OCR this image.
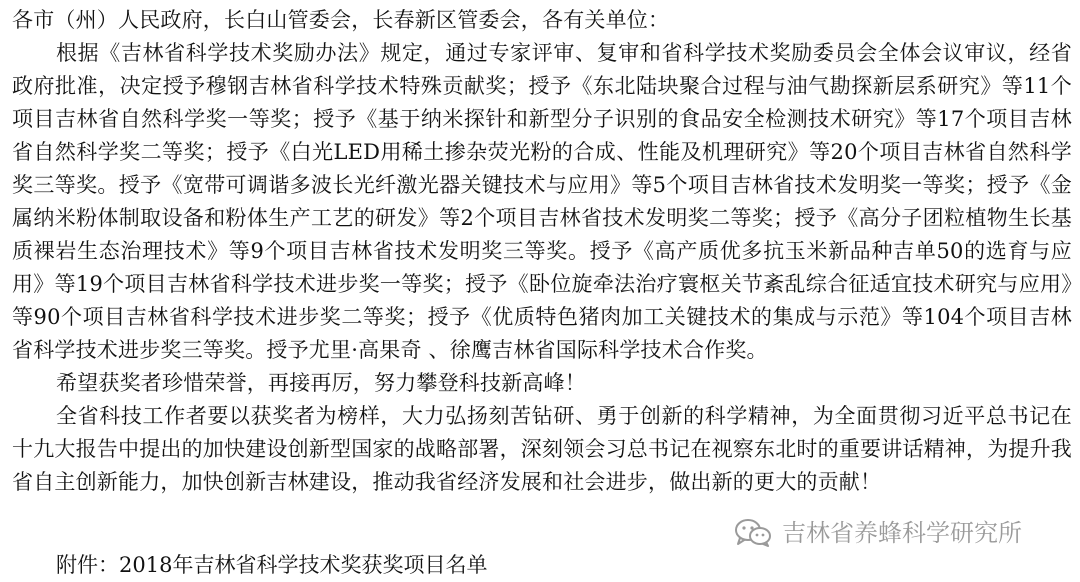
各市（州）人民政府，长白山管委会，长春新区管委会，各有关单位：

根据《吉林省科学技术奖励办法》规定，通过专家评审、复审和省科学技术奖励委员会全体会议审议，经省政府批准，决定授予穆钢吉林省科学技术特殊贡献奖；授予《东北陆块聚合过程与油气勘探新层系研究》等11个项目吉林省自然科学奖一等奖；授予《基于纳米探针和新型分子识别的食品安全检测技术研究》等17个项目吉林省自然科学奖二等奖；授予《白光LED用稀土掺杂荧光粉的合成、性能及机理研究》等20个项目吉林省自然科学奖三等奖。授予《宽带可调谐多波长光纤激光器关键技术与应用》等5个项目吉林省技术发明奖一等奖；授予《金属纳米粉体制取设备和粉体生产工艺的研发》等2个项目吉林省技术发明奖二等奖；授予《高分子团粒植物生长基质裸岩生态治理技术》等9个项目吉林省技术发明奖三等奖。授予《高产质优多抗玉米新品种吉单50的选育与应用》等19个项目吉林省科学技术进步奖一等奖；授予《卧位旋牵法治疗寰枢关节紊乱综合征适宜技术研究与应用》等90个项目吉林省科学技术进步奖二等奖；授予《优质特色猪肉加工关键技术的集成与示范》等104个项目吉林省科学技术进步奖三等奖。授予尤里·高果奇 、徐鹰吉林省国际科学技术合作奖。

希望获奖者珍惜荣誉，再接再厉，努力攀登科技新高峰！

全省科技工作者要以获奖者为榜样，大力弘扬刻苦钻研、勇于创新的科学精神，为全面贯彻习近平总书记在十九大报告中提出的加快建设创新型国家的战略部署，深刻领会习总书记在视察东北时的重要讲话精神，为提升我省自主创新能力，加快创新吉林建设，推动我省经济发展和社会进步，做出新的更大的贡献！

吉林省养蜂科学研究所
附件：2018年吉林省科学技术奖获奖项目名单
